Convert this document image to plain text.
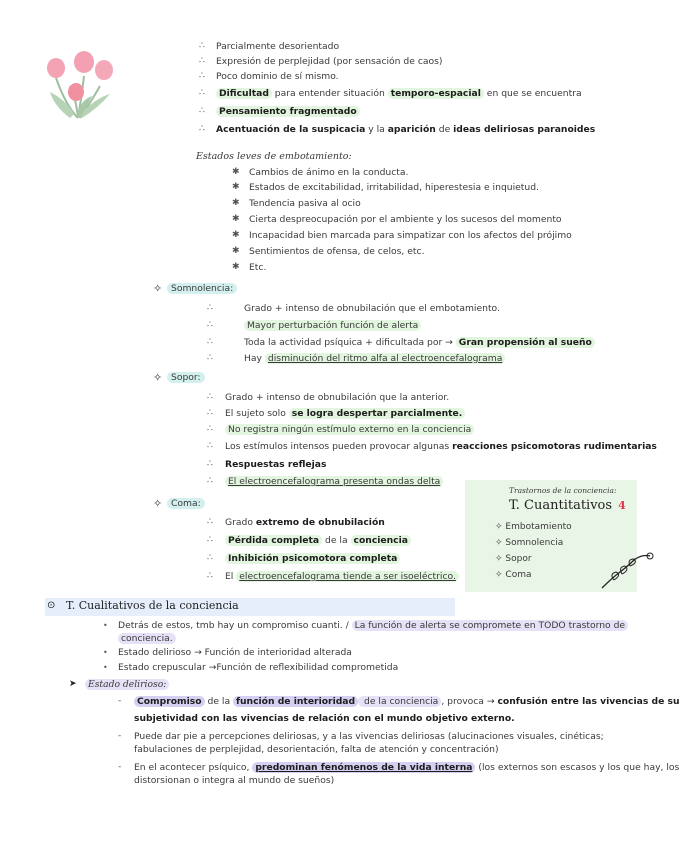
∴ Parcialmente desorientado
∴ Expresión de perplejidad (por sensación de caos)
∴ Poco dominio de sí mismo.
∴	Dificultad para entender situación temporo-espacial en que se encuentra
∴	Pensamiento fragmentado
∴ Acentuación de la suspicacia y la aparición de ideas deliriosas paranoides
Estados leves de embotamiento:
✱ Cambios de ánimo en la conducta.
✱ Estados de excitabilidad, irritabilidad, hiperestesia e inquietud.
✱ Tendencia pasiva al ocio
✱ Cierta despreocupación por el ambiente y los sucesos del momento
✱ Incapacidad bien marcada para simpatizar con los afectos del prójimo
✱ Sentimientos de ofensa, de celos, etc.
✱ Etc.
✧ Somnolencia:
∴	Grado + intenso de obnubilación que el embotamiento.
∴	Mayor perturbación función de alerta
∴	Toda la actividad psíquica + dificultada por → Gran propensión al sueño
∴	Hay disminución del ritmo alfa al electroencefalograma
✧ Sopor:
∴ Grado + intenso de obnubilación que la anterior.
∴ El sujeto solo se logra despertar parcialmente.
∴	No registra ningún estímulo externo en la conciencia
∴ Los estímulos intensos pueden provocar algunas reacciones psicomotoras rudimentarias
∴ Respuestas reflejas
∴	El electroencefalograma presenta ondas delta
✧ Coma:
∴ Grado extremo de obnubilación
∴	Pérdida completa de la conciencia
∴	Inhibición psicomotora completa
∴ El electroencefalograma tiende a ser isoeléctrico.
Trastornos de la conciencia:
T. Cuantitativos 4
✧ Embotamiento
✧ Somnolencia
✧ Sopor
✧ Coma
⊙ T. Cualitativos de la conciencia
• Detrás de estos, tmb hay un compromiso cuanti. / La función de alerta se compromete en TODO trastorno de
conciencia.
• Estado delirioso → Función de interioridad alterada
• Estado crepuscular →Función de reflexibilidad comprometida
➤	Estado delirioso:
-	Compromiso de la función de interioridad de la conciencia , provoca → confusión entre las vivencias de su
subjetividad con las vivencias de relación con el mundo objetivo externo.
- Puede dar pie a percepciones deliriosas, y a las vivencias deliriosas (alucinaciones visuales, cinéticas;
fabulaciones de perplejidad, desorientación, falta de atención y concentración)
- En el acontecer psíquico, predominan fenómenos de la vida interna (los externos son escasos y los que hay, los
distorsionan o integra al mundo de sueños)
